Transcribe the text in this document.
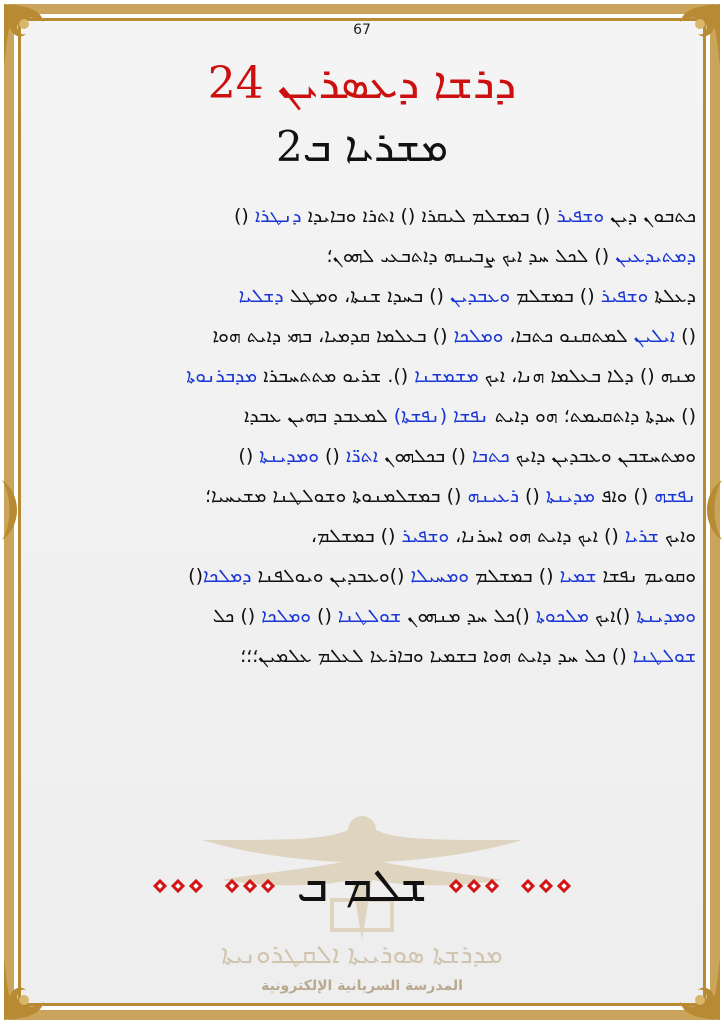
67
ܕܪܫܐ ܕܥܣܪܝܢ 24
ܡܫܪܝܐ ܒ2
ܟܬܒܘܢ ܕܝܢ ܘܫܦܝܪ () ܒܡܫܠܡ ܠܝܩܪܐ () ܐܬܪܐ ܘܒܐܝܕܐ ܕܢܛܪܐ ()
ܕܡܬܝܕܥܝܢ () ܠܟܠ ܚܕ ܐܝܟ ܨܒܝܢܗ ܕܐܬܒܥܝ ܠܗܘܢ؛
ܕܥܠܬܐ ܘܫܦܝܪ () ܒܡܫܠܡ ܘܥܒܕܝܢ () ܒܚܕܐ ܫܢܬܐ، ܘܡܛܠ ܕܫܠܝܐ
() ܐܝܠܝܢ ܠܡܬܩܢܘ ܟܬܒܐ، ܘܡܠܟܐ () ܒܥܠܡܐ ܩܕܡܝܐ، ܒܗܝ ܕܐܝܬ ܗܘܐ
ܡܢܗ () ܕܠܐ ܒܥܠܡܐ ܗܢܐ، ܐܝܟ ܡܫܡܫܢܐ (). ܫܪܝܘ ܡܬܬܚܒܪܐ ܡܕܒܪܢܘܬܐ
() ܚܕܬܐ ܕܐܬܩܝܡܬ؛ ܗܘ ܕܐܝܬ ܢܦܫܐ (ܢܦܫܬܐ) ܠܡܥܒܕ ܒܗܝܢ ܥܒܕܐ
ܘܡܬܚܫܒܢ ܘܥܒܕܝܢ ܕܐܝܟ ܟܬܒܐ () ܒܟܠܗܘܢ ܐܬܪ̈ܐ () ܘܡܕܝܢܬܐ ()
ܢܦܫܗ () ܘܐܦ ܡܕܝܢܬܐ () ܪܥܝܢܗ () ܒܡܫܠܡܢܘܬܐ ܘܫܘܠܛܢܐ ܡܫܝܚܝܐ؛
ܘܐܝܟ ܫܪܝܐ () ܐܝܟ ܕܐܝܬ ܗܘ ܐܚܪܢܐ، ܘܫܦܝܪ () ܒܡܫܠܡ،
ܘܩܘܝܡ ܢܦܫܐ ܫܡܝܐ () ܒܡܫܠܡ ܘܡܚܝܠܐ ()ܘܥܒܕܝܢ ܘܝܘܠܦܢܐ ܕܡܠܟܐ()
ܘܡܕܝܢܬܐ ()ܐܝܟ ܡܠܟܘܬܐ ()ܟܠ ܚܕ ܡܢܗܘܢ ܫܘܠܛܢܐ () ܘܡܠܟܐ () ܟܠ
ܫܘܠܛܢܐ () ܟܠ ܚܕ ܕܐܝܬ ܗܘܐ ܒܫܡܝܐ ܘܒܐܪܥܐ ܠܥܠܡ ܥܠܡܝܢ؛؛؛
ܫܠܡ ܒ
ܡܕܪܫܬܐ ܣܘܪܝܝܬܐ ܐܠܩܛܪܘܢܝܬܐ
المدرسة السريانية الإلكترونية
